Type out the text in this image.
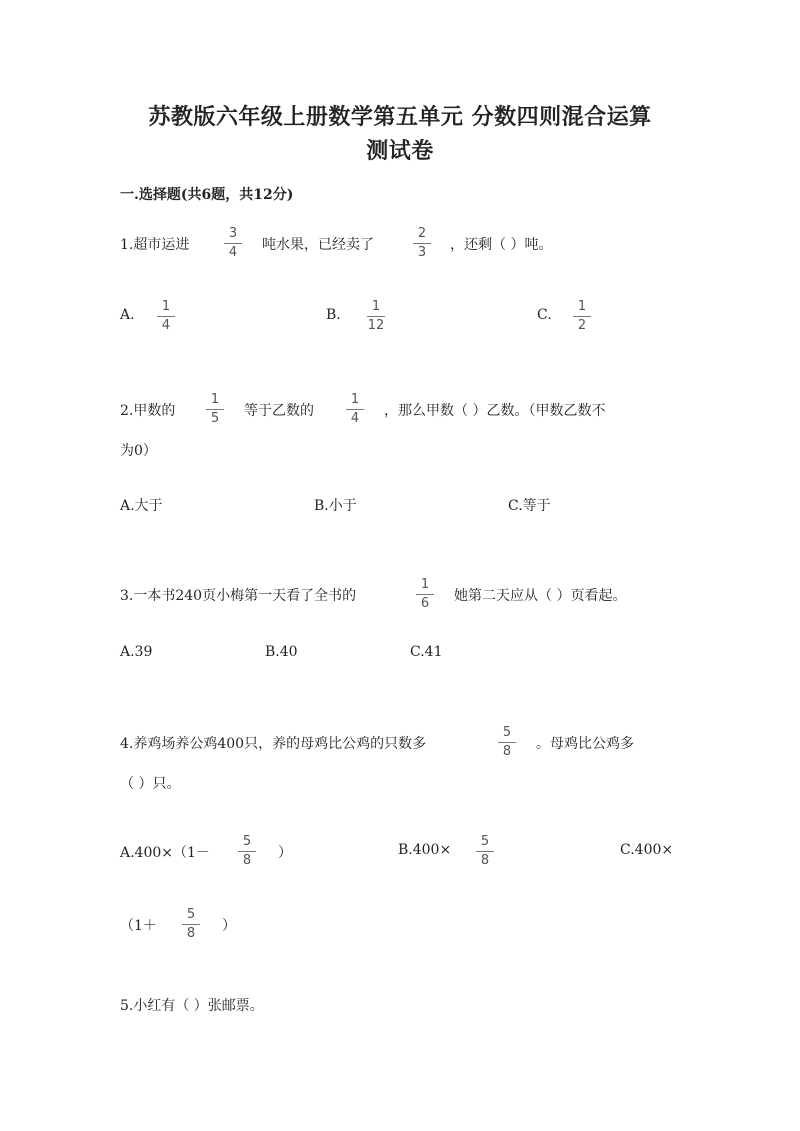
苏教版六年级上册数学第五单元 分数四则混合运算
测试卷
一.选择题(共6题，共12分)
1.超市运进
3
4	吨水果，已经卖了
2
3	，还剩（ ）吨。
A.
1
4
B.
1
12
C.
1
2
2.甲数的
1
5	等于乙数的
1
4	，那么甲数（ ）乙数。（甲数乙数不
为0）
A.大于	B.小于	C.等于
3.一本书240页小梅第一天看了全书的
1
6	她第二天应从（ ）页看起。
A.39	B.40	C.41
4.养鸡场养公鸡400只，养的母鸡比公鸡的只数多
5
8	。母鸡比公鸡多
（ ）只。
A.400×（1－
5
8	）	B.400×
5
8
C.400×
（1＋
5
8	）
5.小红有（ ）张邮票。
